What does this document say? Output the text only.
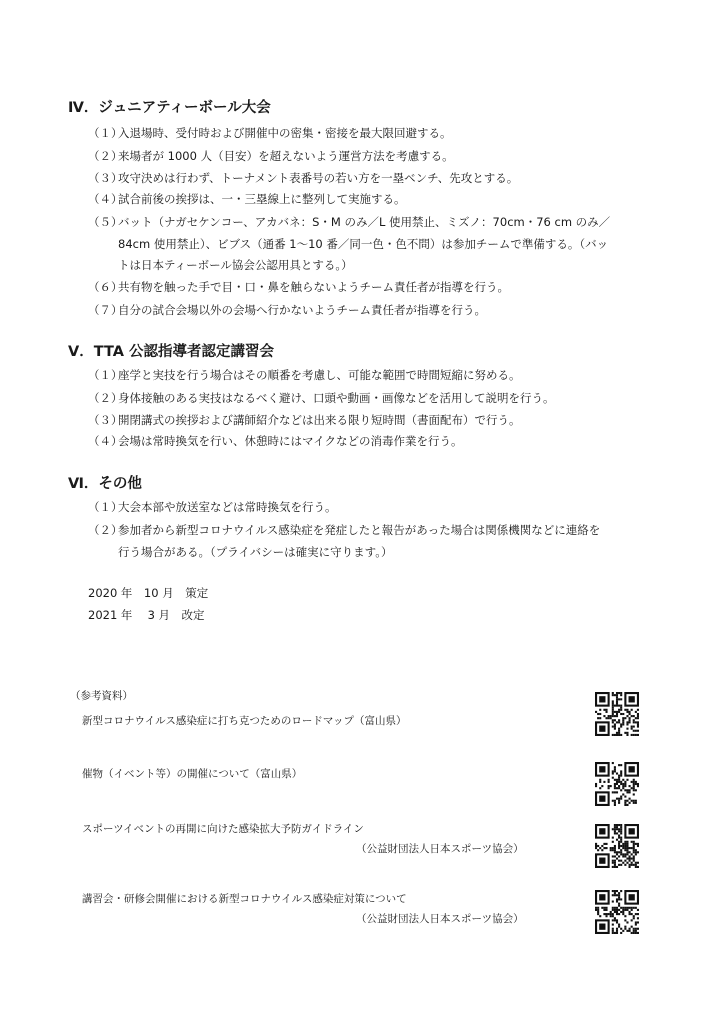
Ⅳ．ジュニアティーボール大会
（１）
入退場時、受付時および開催中の密集・密接を最大限回避する。
（２）
来場者が 1000 人（目安）を超えないよう運営方法を考慮する。
（３）
攻守決めは行わず、トーナメント表番号の若い方を一塁ベンチ、先攻とする。
（４）
試合前後の挨拶は、一・三塁線上に整列して実施する。
（５）
バット（ナガセケンコー、アカバネ：S・M のみ／L 使用禁止、ミズノ：70cm・76 cm のみ／
84cm 使用禁止）、ビブス（通番 1～10 番／同一色・色不問）は参加チームで準備する。（バッ
トは日本ティーボール協会公認用具とする。）
（６）
共有物を触った手で目・口・鼻を触らないようチーム責任者が指導を行う。
（７）
自分の試合会場以外の会場へ行かないようチーム責任者が指導を行う。
Ⅴ．TTA 公認指導者認定講習会
（１）
座学と実技を行う場合はその順番を考慮し、可能な範囲で時間短縮に努める。
（２）
身体接触のある実技はなるべく避け、口頭や動画・画像などを活用して説明を行う。
（３）
開閉講式の挨拶および講師紹介などは出来る限り短時間（書面配布）で行う。
（４）
会場は常時換気を行い、休憩時にはマイクなどの消毒作業を行う。
Ⅵ．その他
（１）
大会本部や放送室などは常時換気を行う。
（２）
参加者から新型コロナウイルス感染症を発症したと報告があった場合は関係機関などに連絡を
行う場合がある。（プライバシーは確実に守ります。）
2020 年　10 月　策定
2021 年　 3 月　改定
（参考資料）
新型コロナウイルス感染症に打ち克つためのロードマップ（富山県）
催物（イベント等）の開催について（富山県）
スポーツイベントの再開に向けた感染拡大予防ガイドライン
（公益財団法人日本スポーツ協会）
講習会・研修会開催における新型コロナウイルス感染症対策について
（公益財団法人日本スポーツ協会）
